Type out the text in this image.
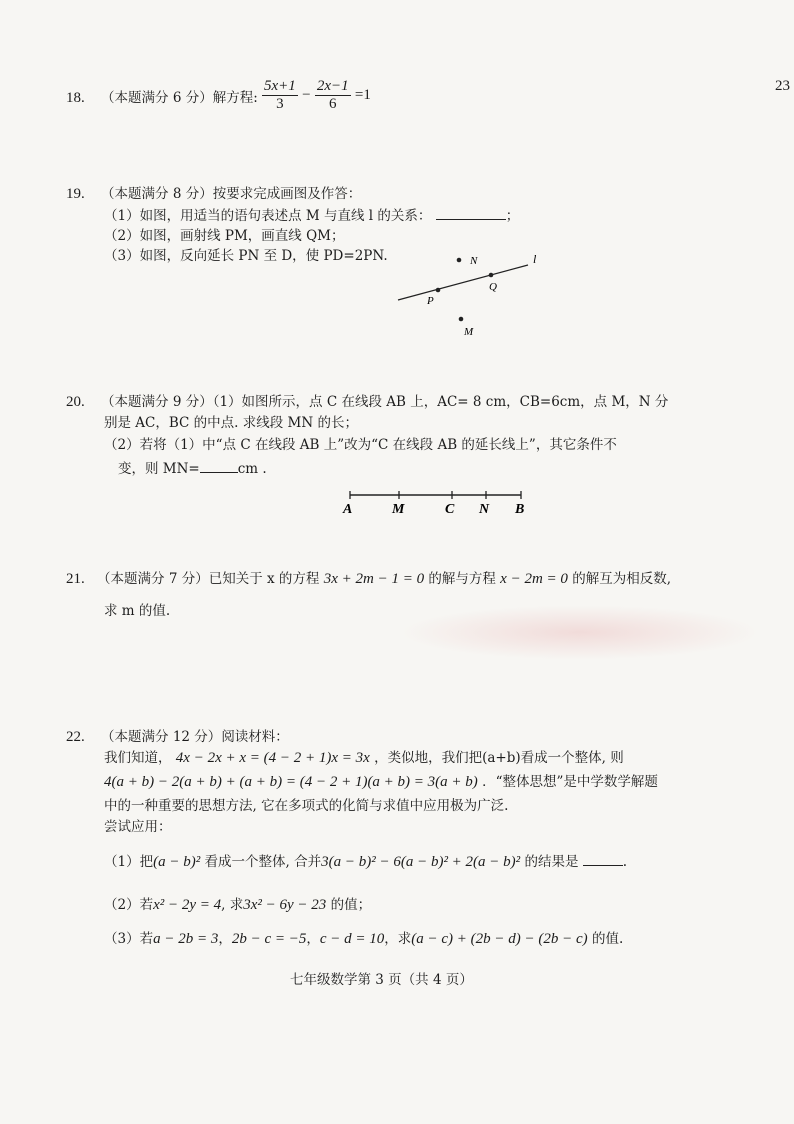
23
18. （本题满分 6 分）解方程: $\frac{5x+1}{3} - \frac{2x-1}{6} =1$
19. （本题满分 8 分）按要求完成画图及作答：
（1）如图，用适当的语句表述点 M 与直线 l 的关系：	；
（2）如图，画射线 PM，画直线 QM；
（3）如图，反向延长 PN 至 D，使 PD=2PN.	N	l
Q
P
M
20. （本题满分 9 分）（1）如图所示，点 C 在线段 AB 上，AC= 8 cm，CB=6cm，点 M，N 分
别是 AC，BC 的中点. 求线段 MN 的长；
（2）若将（1）中“点 C 在线段 AB 上”改为“C 在线段 AB 的延长线上”，其它条件不
变，则 MN=	cm .
A	M	C N B
21. （本题满分 7 分）已知关于 x 的方程 3x + 2m − 1 = 0 的解与方程 x − 2m = 0 的解互为相反数,
求 m 的值.
22. （本题满分 12 分）阅读材料：
我们知道， 4x − 2x + x = (4 − 2 + 1)x = 3x ，类似地，我们把(a+b)看成一个整体, 则
4(a + b) − 2(a + b) + (a + b) = (4 − 2 + 1)(a + b) = 3(a + b) ．“整体思想”是中学数学解题
中的一种重要的思想方法, 它在多项式的化简与求值中应用极为广泛.
尝试应用：
（1）把(a − b)² 看成一个整体, 合并3(a − b)² − 6(a − b)² + 2(a − b)² 的结果是	.
（2）若x² − 2y = 4, 求3x² − 6y − 23 的值；
（3）若a − 2b = 3，2b − c = −5，c − d = 10，求(a − c) + (2b − d) − (2b − c) 的值.
七年级数学第 3 页（共 4 页）
